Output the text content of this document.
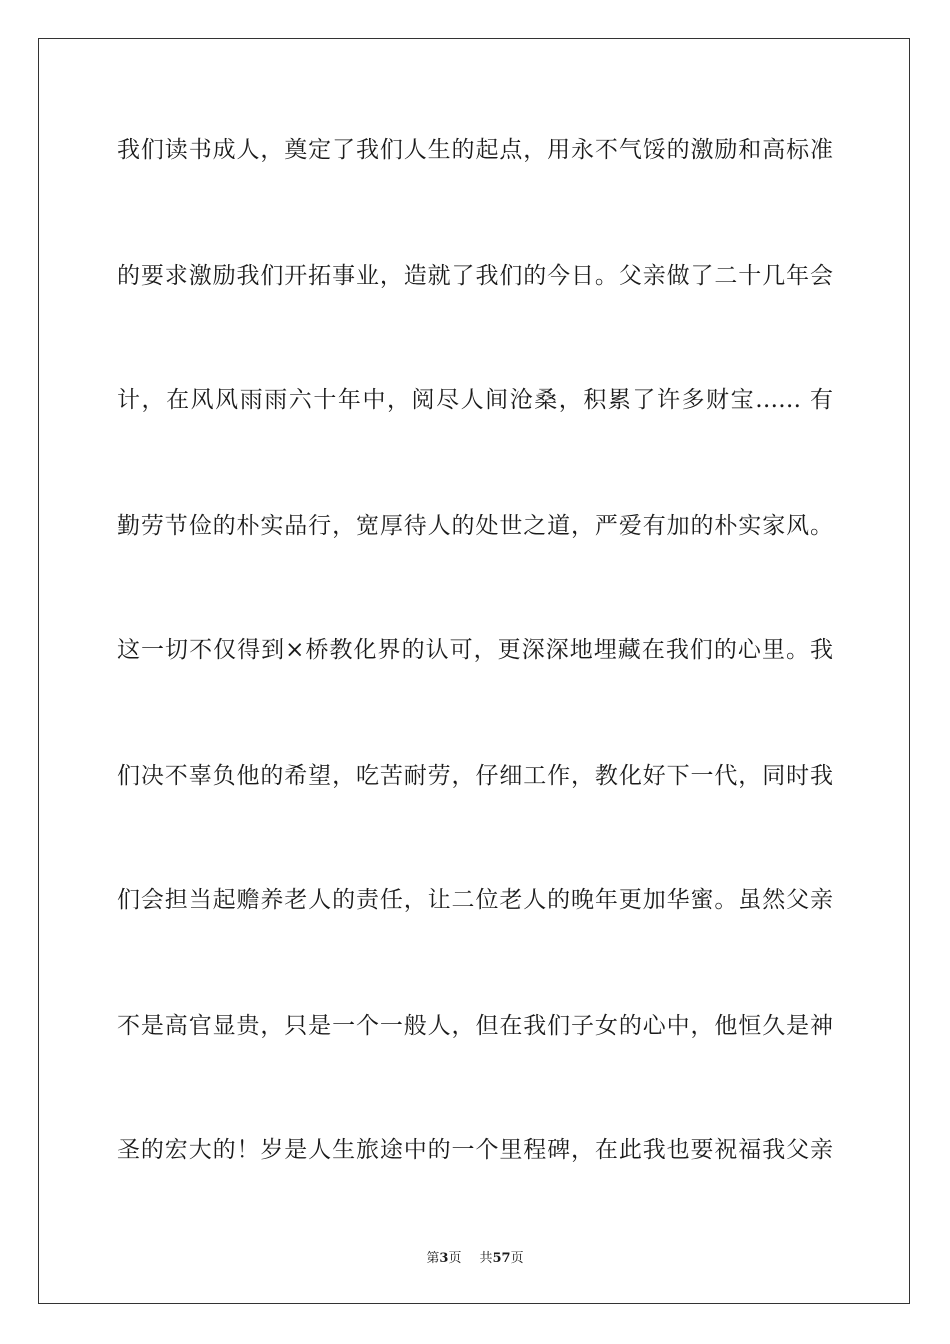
我们读书成人，奠定了我们人生的起点，用永不气馁的激励和高标准
的要求激励我们开拓事业，造就了我们的今日。父亲做了二十几年会
计，在风风雨雨六十年中，阅尽人间沧桑，积累了许多财宝…… 有
勤劳节俭的朴实品行，宽厚待人的处世之道，严爱有加的朴实家风。
这一切不仅得到×桥教化界的认可，更深深地埋藏在我们的心里。我
们决不辜负他的希望，吃苦耐劳，仔细工作，教化好下一代，同时我
们会担当起赡养老人的责任，让二位老人的晚年更加华蜜。虽然父亲
不是高官显贵，只是一个一般人，但在我们子女的心中，他恒久是神
圣的宏大的！岁是人生旅途中的一个里程碑，在此我也要祝福我父亲
第3页 共57页
